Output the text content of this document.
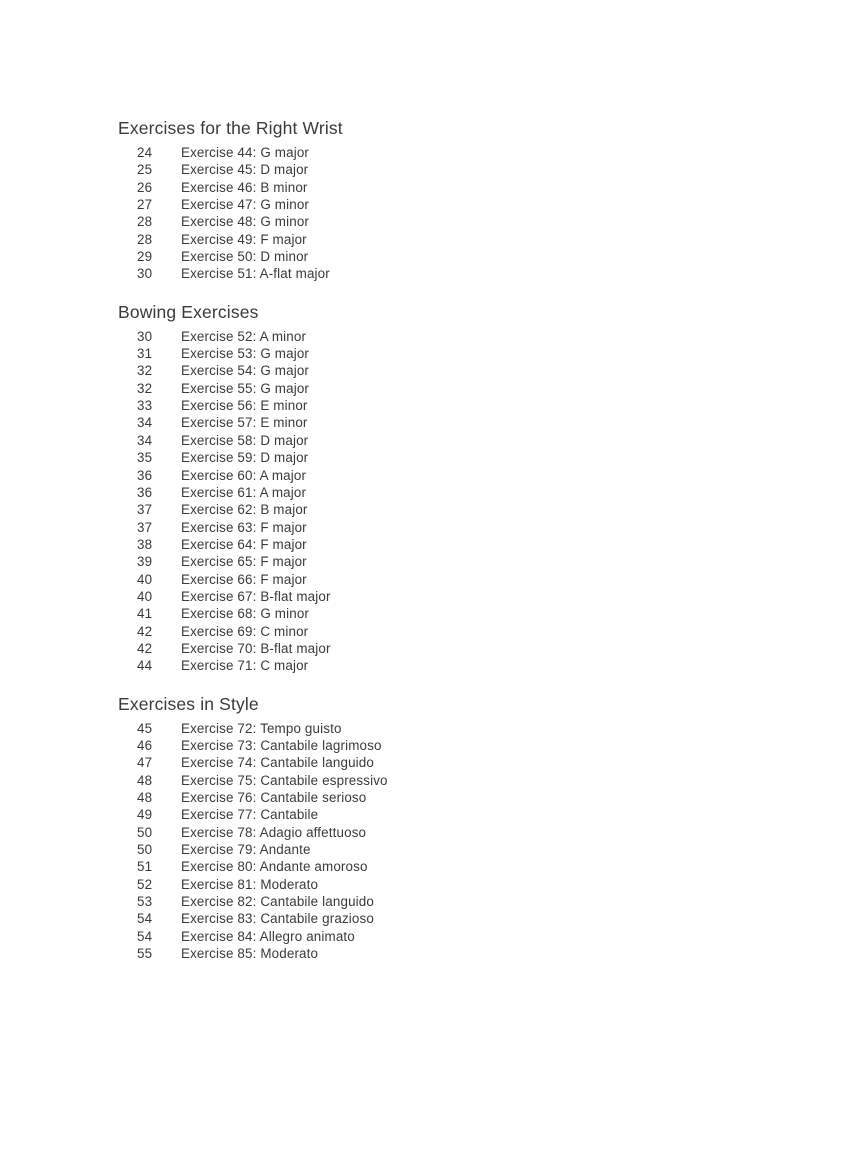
Exercises for the Right Wrist
24	Exercise 44: G major
25	Exercise 45: D major
26	Exercise 46: B minor
27	Exercise 47: G minor
28	Exercise 48: G minor
28	Exercise 49: F major
29	Exercise 50: D minor
30	Exercise 51: A-flat major
Bowing Exercises
30	Exercise 52: A minor
31	Exercise 53: G major
32	Exercise 54: G major
32	Exercise 55: G major
33	Exercise 56: E minor
34	Exercise 57: E minor
34	Exercise 58: D major
35	Exercise 59: D major
36	Exercise 60: A major
36	Exercise 61: A major
37	Exercise 62: B major
37	Exercise 63: F major
38	Exercise 64: F major
39	Exercise 65: F major
40	Exercise 66: F major
40	Exercise 67: B-flat major
41	Exercise 68: G minor
42	Exercise 69: C minor
42	Exercise 70: B-flat major
44	Exercise 71: C major
Exercises in Style
45	Exercise 72: Tempo guisto
46	Exercise 73: Cantabile lagrimoso
47	Exercise 74: Cantabile languido
48	Exercise 75: Cantabile espressivo
48	Exercise 76: Cantabile serioso
49	Exercise 77: Cantabile
50	Exercise 78: Adagio affettuoso
50	Exercise 79: Andante
51	Exercise 80: Andante amoroso
52	Exercise 81: Moderato
53	Exercise 82: Cantabile languido
54	Exercise 83: Cantabile grazioso
54	Exercise 84: Allegro animato
55	Exercise 85: Moderato
